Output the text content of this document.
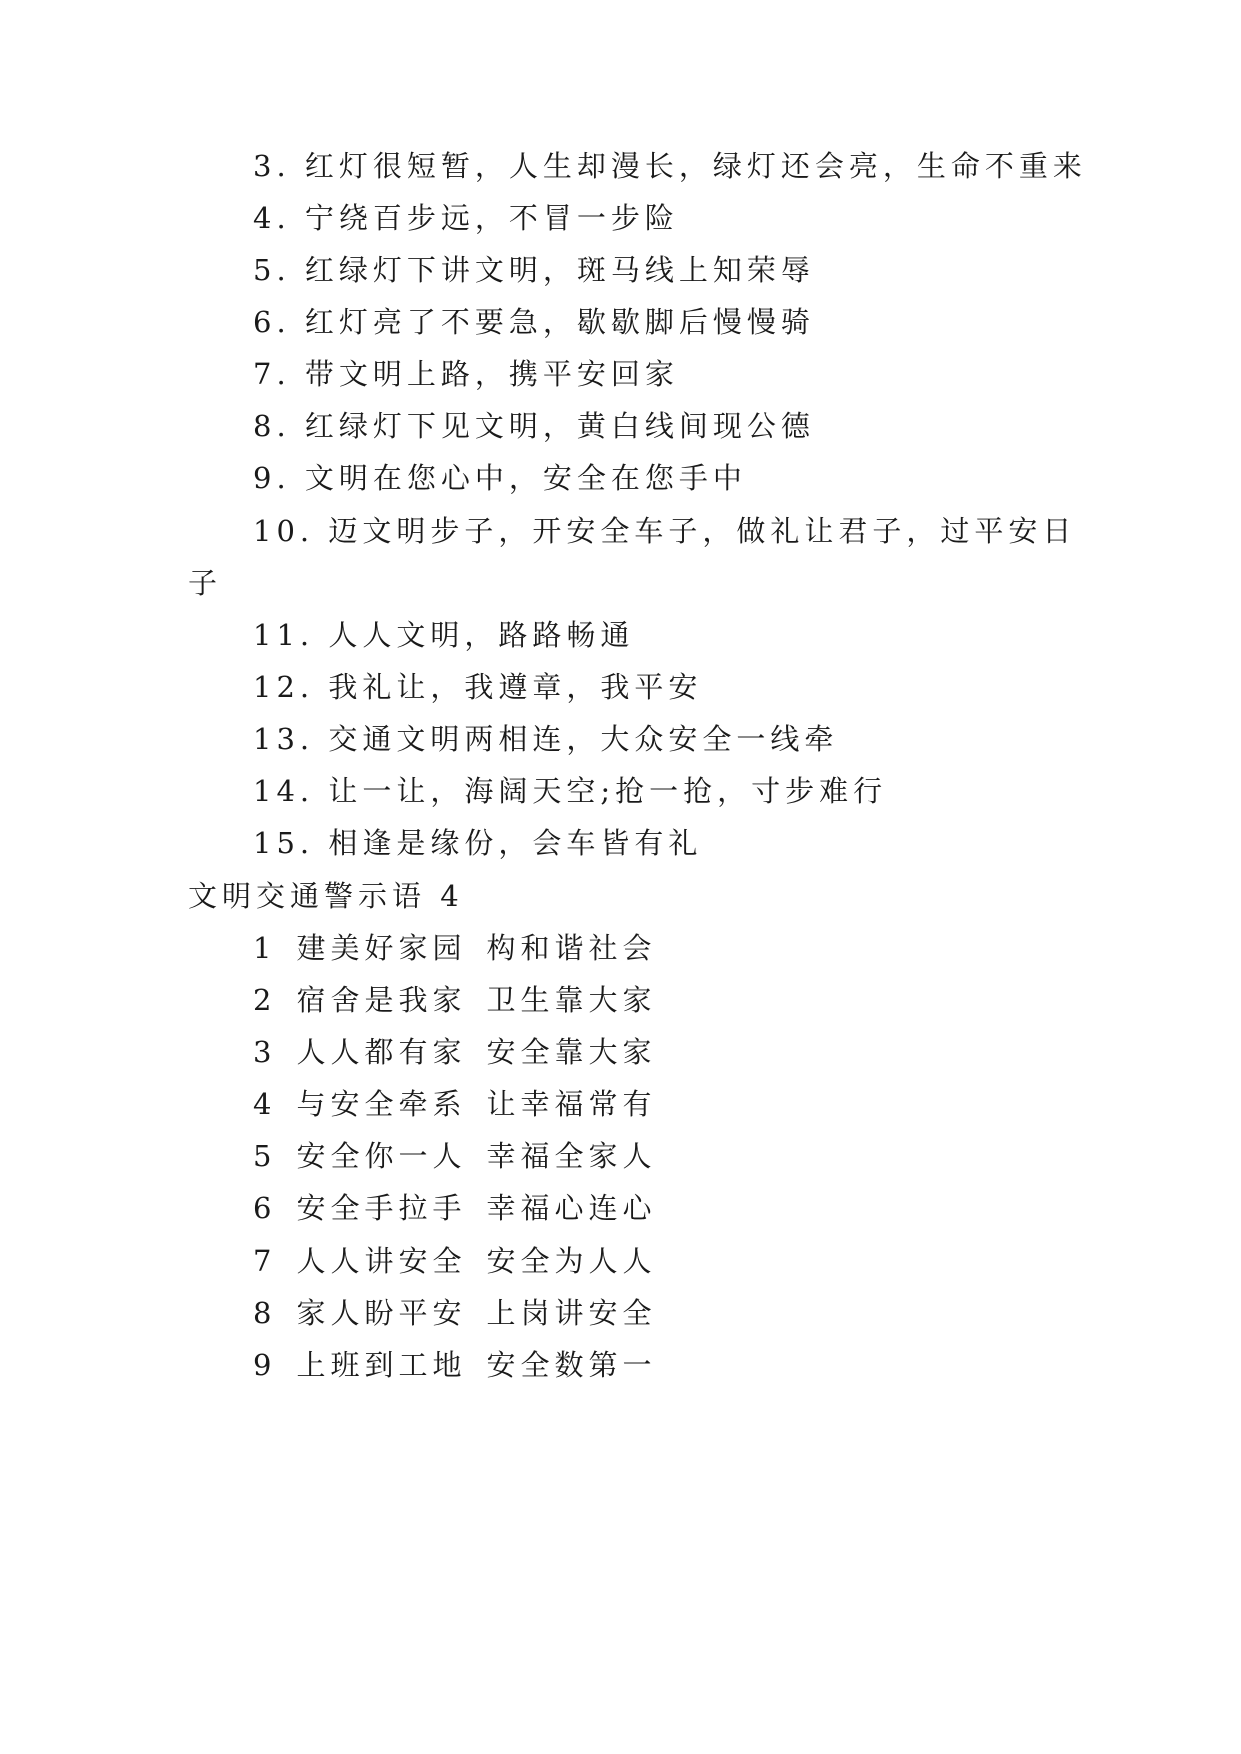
3. 红灯很短暂，人生却漫长，绿灯还会亮，生命不重来
4. 宁绕百步远，不冒一步险
5. 红绿灯下讲文明，斑马线上知荣辱
6. 红灯亮了不要急，歇歇脚后慢慢骑
7. 带文明上路，携平安回家
8. 红绿灯下见文明，黄白线间现公德
9. 文明在您心中，安全在您手中
10. 迈文明步子，开安全车子，做礼让君子，过平安日
子
11. 人人文明，路路畅通
12. 我礼让，我遵章，我平安
13. 交通文明两相连，大众安全一线牵
14. 让一让，海阔天空;抢一抢，寸步难行
15. 相逢是缘份，会车皆有礼
文明交通警示语 4
1 建美好家园 构和谐社会
2 宿舍是我家 卫生靠大家
3 人人都有家 安全靠大家
4 与安全牵系 让幸福常有
5 安全你一人 幸福全家人
6 安全手拉手 幸福心连心
7 人人讲安全 安全为人人
8 家人盼平安 上岗讲安全
9 上班到工地 安全数第一
